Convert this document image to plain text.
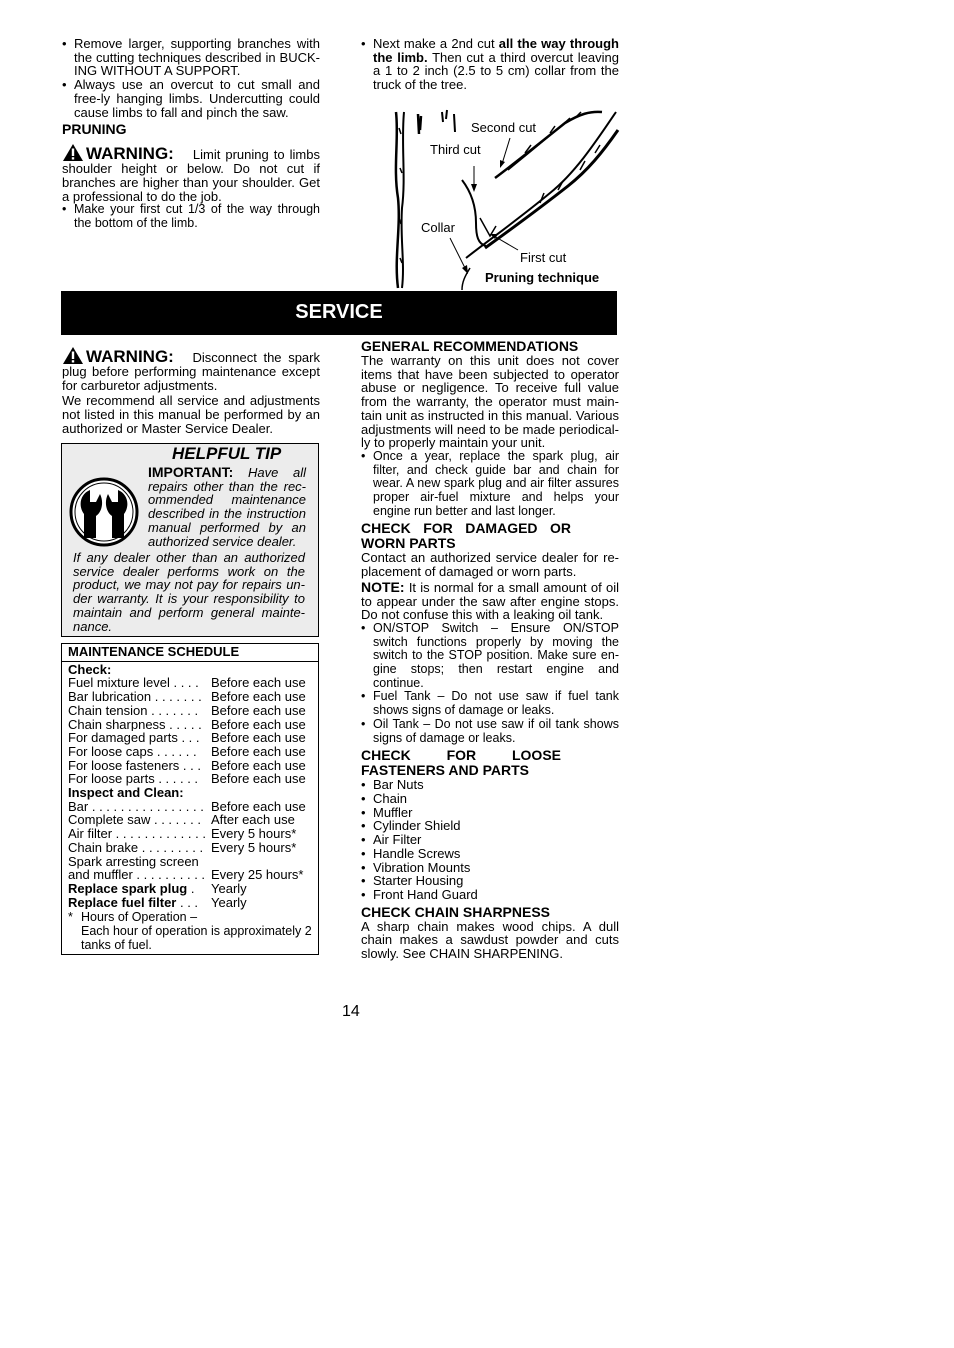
• Remove larger, supporting branches with the cutting techniques described in BUCK-ING WITHOUT A SUPPORT.
• Always use an overcut to cut small and free-ly hanging limbs. Undercutting could cause limbs to fall and pinch the saw.
PRUNING
WARNING: Limit pruning to limbs shoulder height or below. Do not cut if branches are higher than your shoulder. Get a professional to do the job.
• Make your first cut 1/3 of the way through the bottom of the limb.
• Next make a 2nd cut all the way through the limb. Then cut a third overcut leaving a 1 to 2 inch (2.5 to 5 cm) collar from the truck of the tree.
Second cut
Third cut
Collar
First cut
Pruning technique
SERVICE
WARNING: Disconnect the spark plug before performing maintenance except for carburetor adjustments.
We recommend all service and adjustments not listed in this manual be performed by an authorized or Master Service Dealer.
HELPFUL TIP
IMPORTANT: Have all repairs other than the rec-ommended maintenance described in the instruction manual performed by an authorized service dealer.
If any dealer other than an authorized service dealer performs work on the product, we may not pay for repairs un-der warranty. It is your responsibility to maintain and perform general mainte-nance.
MAINTENANCE SCHEDULE
Check:
Fuel mixture level . . . . Before each use
Bar lubrication . . . . . . . Before each use
Chain tension . . . . . . . Before each use
Chain sharpness . . . . . Before each use
For damaged parts . . . Before each use
For loose caps . . . . . .	Before each use
For loose fasteners . . . Before each use
For loose parts . . . . . . Before each use
Inspect and Clean:
Bar . . . . . . . . . . . . . . . . Before each use
Complete saw . . . . . . . After each use
Air filter . . . . . . . . . . . . . Every 5 hours*
Chain brake . . . . . . . . . Every 5 hours*
Spark arresting screen
and muffler . . . . . . . . . . Every 25 hours*
Replace spark plug .	Yearly
Replace fuel filter . . . Yearly
* Hours of Operation –
Each hour of operation is approximately 2 tanks of fuel.
GENERAL RECOMMENDATIONS
The warranty on this unit does not cover items that have been subjected to operator abuse or negligence. To receive full value from the warranty, the operator must main-tain unit as instructed in this manual. Various adjustments will need to be made periodical-ly to properly maintain your unit.
• Once a year, replace the spark plug, air filter, and check guide bar and chain for wear. A new spark plug and air filter assures proper air-fuel mixture and helps your engine run better and last longer.
CHECK FOR DAMAGED OR WORN PARTS
Contact an authorized service dealer for re-placement of damaged or worn parts.
NOTE: It is normal for a small amount of oil to appear under the saw after engine stops. Do not confuse this with a leaking oil tank.
• ON/STOP Switch – Ensure ON/STOP switch functions properly by moving the switch to the STOP position. Make sure en-gine stops; then restart engine and continue.
• Fuel Tank – Do not use saw if fuel tank shows signs of damage or leaks.
• Oil Tank – Do not use saw if oil tank shows signs of damage or leaks.
CHECK FOR LOOSE FASTENERS AND PARTS
• Bar Nuts
• Chain
• Muffler
• Cylinder Shield
• Air Filter
• Handle Screws
• Vibration Mounts
• Starter Housing
• Front Hand Guard
CHECK CHAIN SHARPNESS
A sharp chain makes wood chips. A dull chain makes a sawdust powder and cuts slowly. See CHAIN SHARPENING.
14
